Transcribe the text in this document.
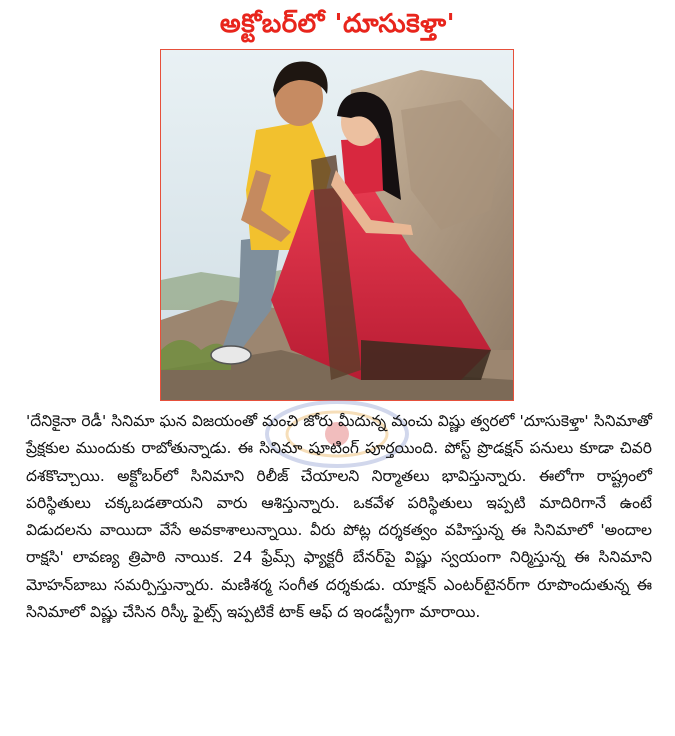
అక్టోబర్‌లో 'దూసుకెళ్తా'

'దేనికైనా రెడీ' సినిమా ఘన విజయంతో మంచి జోరు మీదున్న మంచు విష్ణు త్వరలో 'దూసుకెళ్తా' సినిమాతో ప్రేక్షకుల ముందుకు రాబోతున్నాడు. ఈ సినిమా షూటింగ్ పూర్తయింది. పోస్ట్ ప్రొడక్షన్ పనులు కూడా చివరి దశకొచ్చాయి. అక్టోబర్‌లో సినిమాని రిలీజ్ చేయాలని నిర్మాతలు భావిస్తున్నారు. ఈలోగా రాష్ట్రంలో పరిస్థితులు చక్కబడతాయని వారు ఆశిస్తున్నారు. ఒకవేళ పరిస్థితులు ఇప్పటి మాదిరిగానే ఉంటే విడుదలను వాయిదా వేసే అవకాశాలున్నాయి. వీరు పోట్ల దర్శకత్వం వహిస్తున్న ఈ సినిమాలో 'అందాల రాక్షసి' లావణ్య త్రిపాఠి నాయిక. 24 ఫ్రేమ్స్ ఫ్యాక్టరీ బేనర్‌పై విష్ణు స్వయంగా నిర్మిస్తున్న ఈ సినిమాని మోహన్‌బాబు సమర్పిస్తున్నారు. మణిశర్మ సంగీత దర్శకుడు. యాక్షన్ ఎంటర్‌టైనర్‌గా రూపొందుతున్న ఈ సినిమాలో విష్ణు చేసిన రిస్కీ ఫైట్స్ ఇప్పటికే టాక్ ఆఫ్ ద ఇండస్ట్రీగా మారాయి.
